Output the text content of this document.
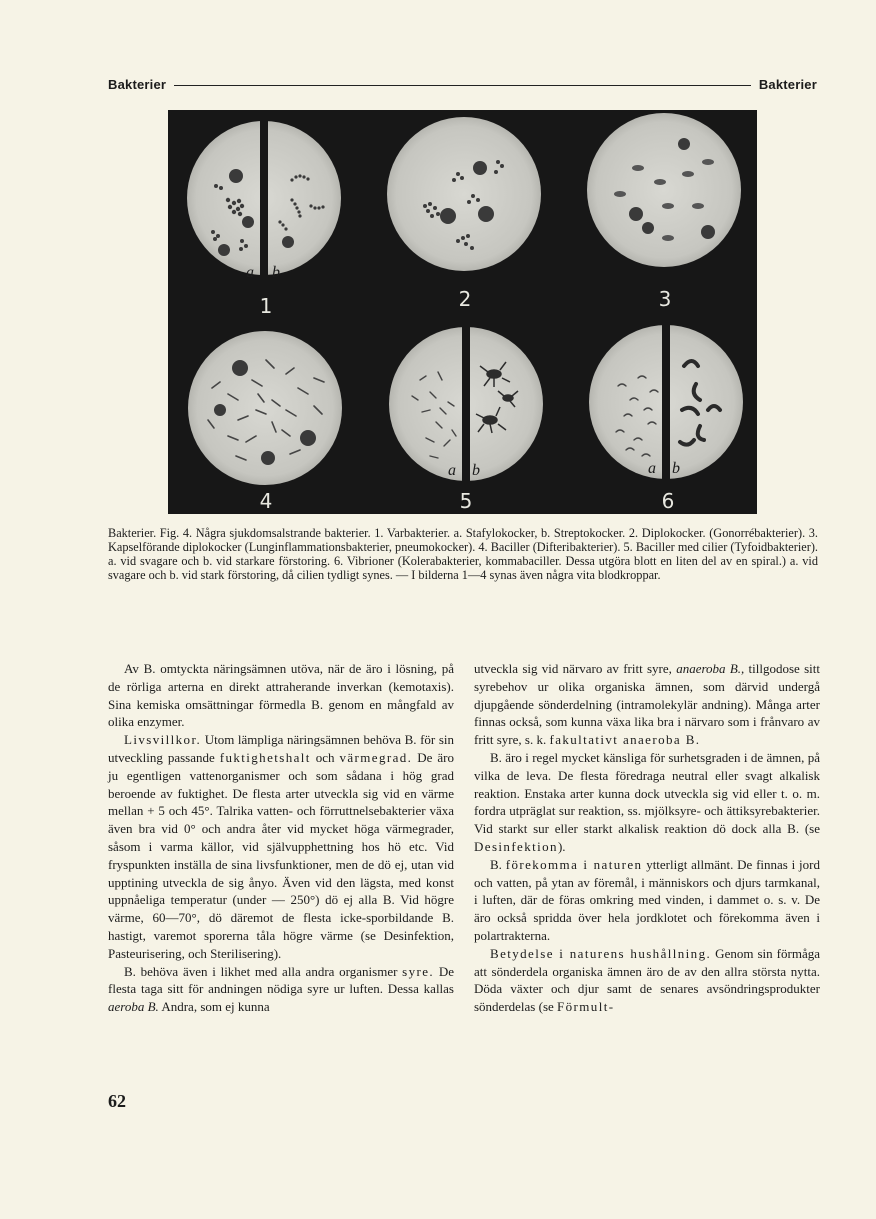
Bakterier	Bakterier
a b
1	2	3
4
a b
5
a b
6
Bakterier. Fig. 4. Några sjukdomsalstrande bakterier. 1. Varbakterier. a. Stafylokocker, b. Streptokocker. 2. Diplokocker. (Gonorrébakterier). 3. Kapselförande diplokocker (Lunginflammationsbakterier, pneumokocker). 4. Baciller (Difteribakterier). 5. Baciller med cilier (Tyfoidbakterier). a. vid svagare och b. vid starkare förstoring. 6. Vibrioner (Kolerabakterier, kommabaciller. Dessa utgöra blott en liten del av en spiral.) a. vid svagare och b. vid stark förstoring, då cilien tydligt synes. — I bilderna 1—4 synas även några vita blodkroppar.

Av B. omtyckta näringsämnen utöva, när de äro i lösning, på de rörliga arterna en direkt attraherande inverkan (kemotaxis). Sina kemiska omsättningar förmedla B. genom en mångfald av olika enzymer.

Livsvillkor. Utom lämpliga näringsämnen behöva B. för sin utveckling passande fuktighetshalt och värmegrad. De äro ju egentligen vattenorganismer och som sådana i hög grad beroende av fuktighet. De flesta arter utveckla sig vid en värme mellan + 5 och 45°. Talrika vatten- och förruttnelsebakterier växa även bra vid 0° och andra åter vid mycket höga värmegrader, såsom i varma källor, vid självupphettning hos hö etc. Vid fryspunkten inställa de sina livsfunktioner, men de dö ej, utan vid upptining utveckla de sig ånyo. Även vid den lägsta, med konst uppnåeliga temperatur (under — 250°) dö ej alla B. Vid högre värme, 60—70°, dö däremot de flesta icke-sporbildande B. hastigt, varemot sporerna tåla högre värme (se Desinfektion, Pasteurisering, och Sterilisering).

B. behöva även i likhet med alla andra organismer syre. De flesta taga sitt för andningen nödiga syre ur luften. Dessa kallas aeroba B. Andra, som ej kunna

utveckla sig vid närvaro av fritt syre, anaeroba B., tillgodose sitt syrebehov ur olika organiska ämnen, som därvid undergå djupgående sönderdelning (intramolekylär andning). Många arter finnas också, som kunna växa lika bra i närvaro som i frånvaro av fritt syre, s. k. fakultativt anaeroba B.

B. äro i regel mycket känsliga för surhetsgraden i de ämnen, på vilka de leva. De flesta föredraga neutral eller svagt alkalisk reaktion. Enstaka arter kunna dock utveckla sig vid eller t. o. m. fordra utpräglat sur reaktion, ss. mjölksyre- och ättiksyrebakterier. Vid starkt sur eller starkt alkalisk reaktion dö dock alla B. (se Desinfektion).

B. förekomma i naturen ytterligt allmänt. De finnas i jord och vatten, på ytan av föremål, i människors och djurs tarmkanal, i luften, där de föras omkring med vinden, i dammet o. s. v. De äro också spridda över hela jordklotet och förekomma även i polartrakterna.

Betydelse i naturens hushållning. Genom sin förmåga att sönderdela organiska ämnen äro de av den allra största nytta. Döda växter och djur samt de senares avsöndringsprodukter sönderdelas (se Förmult-

62
